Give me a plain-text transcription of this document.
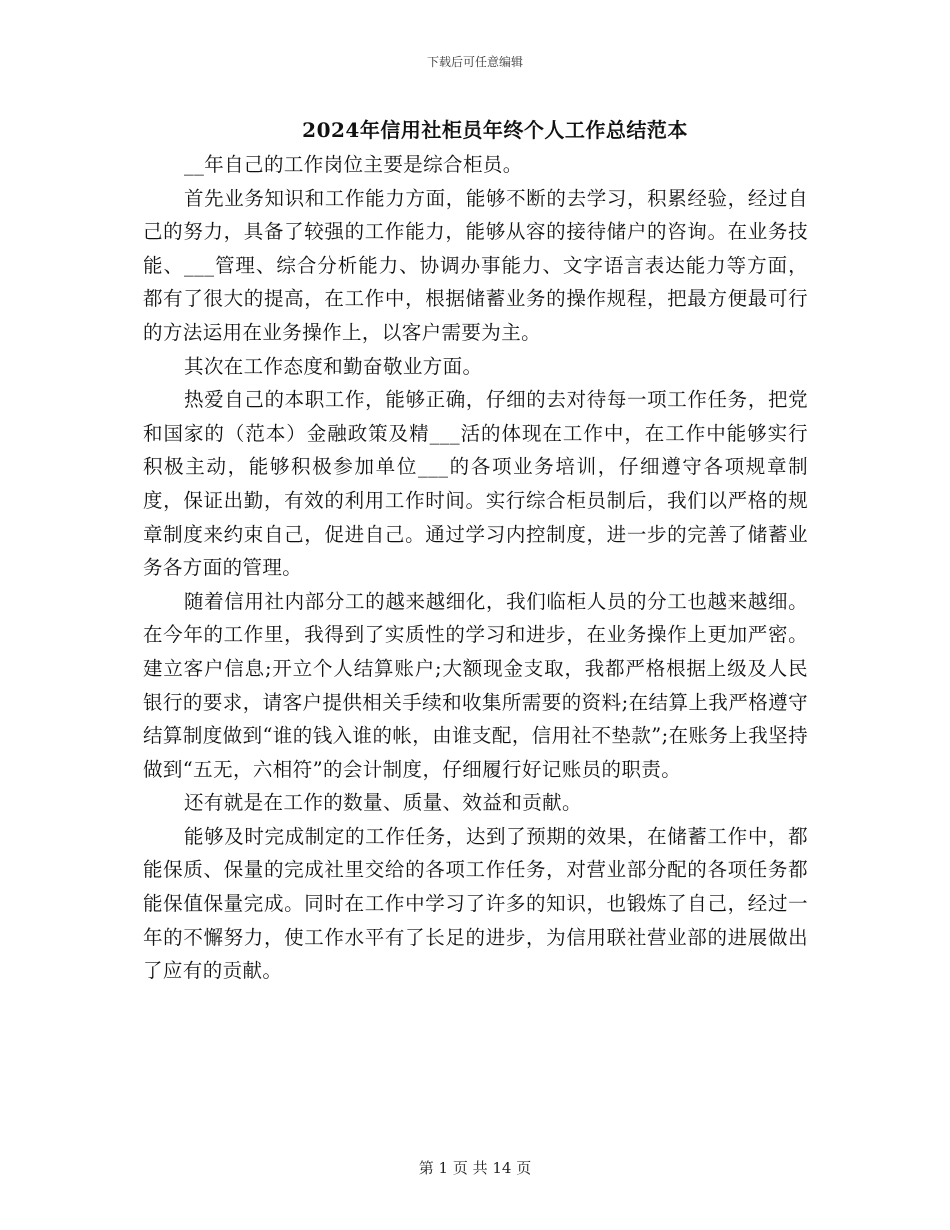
下载后可任意编辑
2024年信用社柜员年终个人工作总结范本

__年自己的工作岗位主要是综合柜员。

首先业务知识和工作能力方面，能够不断的去学习，积累经验，经过自己的努力，具备了较强的工作能力，能够从容的接待储户的咨询。在业务技能、___管理、综合分析能力、协调办事能力、文字语言表达能力等方面，都有了很大的提高，在工作中，根据储蓄业务的操作规程，把最方便最可行的方法运用在业务操作上，以客户需要为主。

其次在工作态度和勤奋敬业方面。

热爱自己的本职工作，能够正确，仔细的去对待每一项工作任务，把党和国家的（范本）金融政策及精___活的体现在工作中，在工作中能够实行积极主动，能够积极参加单位___的各项业务培训，仔细遵守各项规章制度，保证出勤，有效的利用工作时间。实行综合柜员制后，我们以严格的规章制度来约束自己，促进自己。通过学习内控制度，进一步的完善了储蓄业务各方面的管理。

随着信用社内部分工的越来越细化，我们临柜人员的分工也越来越细。在今年的工作里，我得到了实质性的学习和进步，在业务操作上更加严密。建立客户信息;开立个人结算账户;大额现金支取，我都严格根据上级及人民银行的要求，请客户提供相关手续和收集所需要的资料;在结算上我严格遵守结算制度做到“谁的钱入谁的帐，由谁支配，信用社不垫款”;在账务上我坚持做到“五无，六相符”的会计制度，仔细履行好记账员的职责。

还有就是在工作的数量、质量、效益和贡献。

能够及时完成制定的工作任务，达到了预期的效果，在储蓄工作中，都能保质、保量的完成社里交给的各项工作任务，对营业部分配的各项任务都能保值保量完成。同时在工作中学习了许多的知识，也锻炼了自己，经过一年的不懈努力，使工作水平有了长足的进步，为信用联社营业部的进展做出了应有的贡献。

第 1 页 共 14 页
